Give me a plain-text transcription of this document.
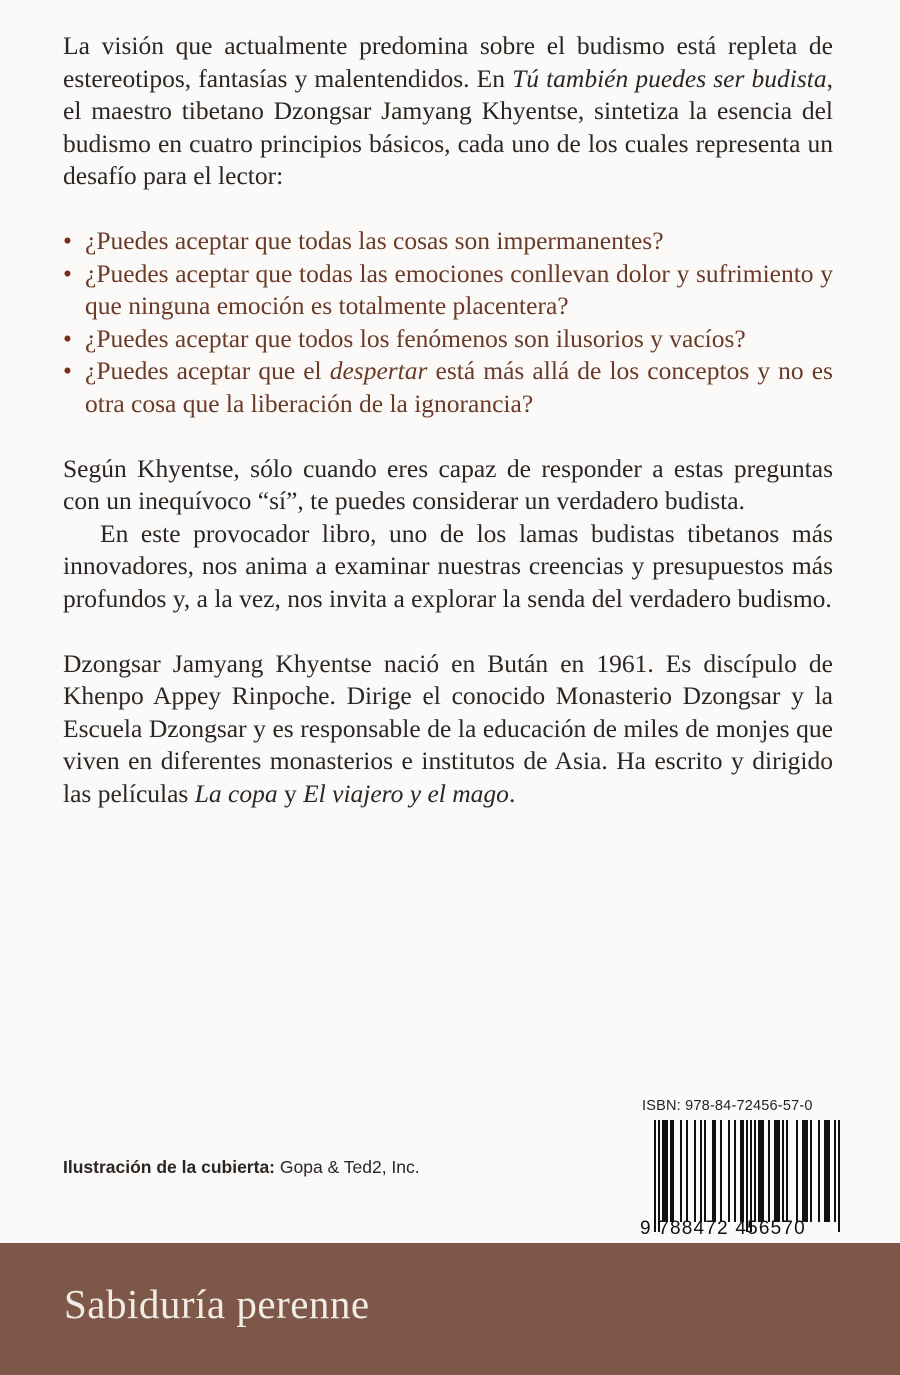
La visión que actualmente predomina sobre el budismo está repleta de estereotipos, fantasías y malentendidos. En Tú también puedes ser budista, el maestro tibetano Dzongsar Jamyang Khyentse, sintetiza la esencia del budismo en cuatro principios básicos, cada uno de los cuales representa un desafío para el lector:

• ¿Puedes aceptar que todas las cosas son impermanentes?
• ¿Puedes aceptar que todas las emociones conllevan dolor y sufrimiento y que ninguna emoción es totalmente placentera?
• ¿Puedes aceptar que todos los fenómenos son ilusorios y vacíos?
• ¿Puedes aceptar que el despertar está más allá de los conceptos y no es otra cosa que la liberación de la ignorancia?

Según Khyentse, sólo cuando eres capaz de responder a estas preguntas con un inequívoco “sí”, te puedes considerar un verdadero budista.

En este provocador libro, uno de los lamas budistas tibetanos más innovadores, nos anima a examinar nuestras creencias y presupuestos más profundos y, a la vez, nos invita a explorar la senda del verdadero budismo.

Dzongsar Jamyang Khyentse nació en Bután en 1961. Es discípulo de Khenpo Appey Rinpoche. Dirige el conocido Monasterio Dzongsar y la Escuela Dzongsar y es responsable de la educación de miles de monjes que viven en diferentes monasterios e institutos de Asia. Ha escrito y dirigido las películas La copa y El viajero y el mago.

Ilustración de la cubierta: Gopa & Ted2, Inc.
ISBN: 978-84-72456-57-0
9 788472 456570
Sabiduría perenne
